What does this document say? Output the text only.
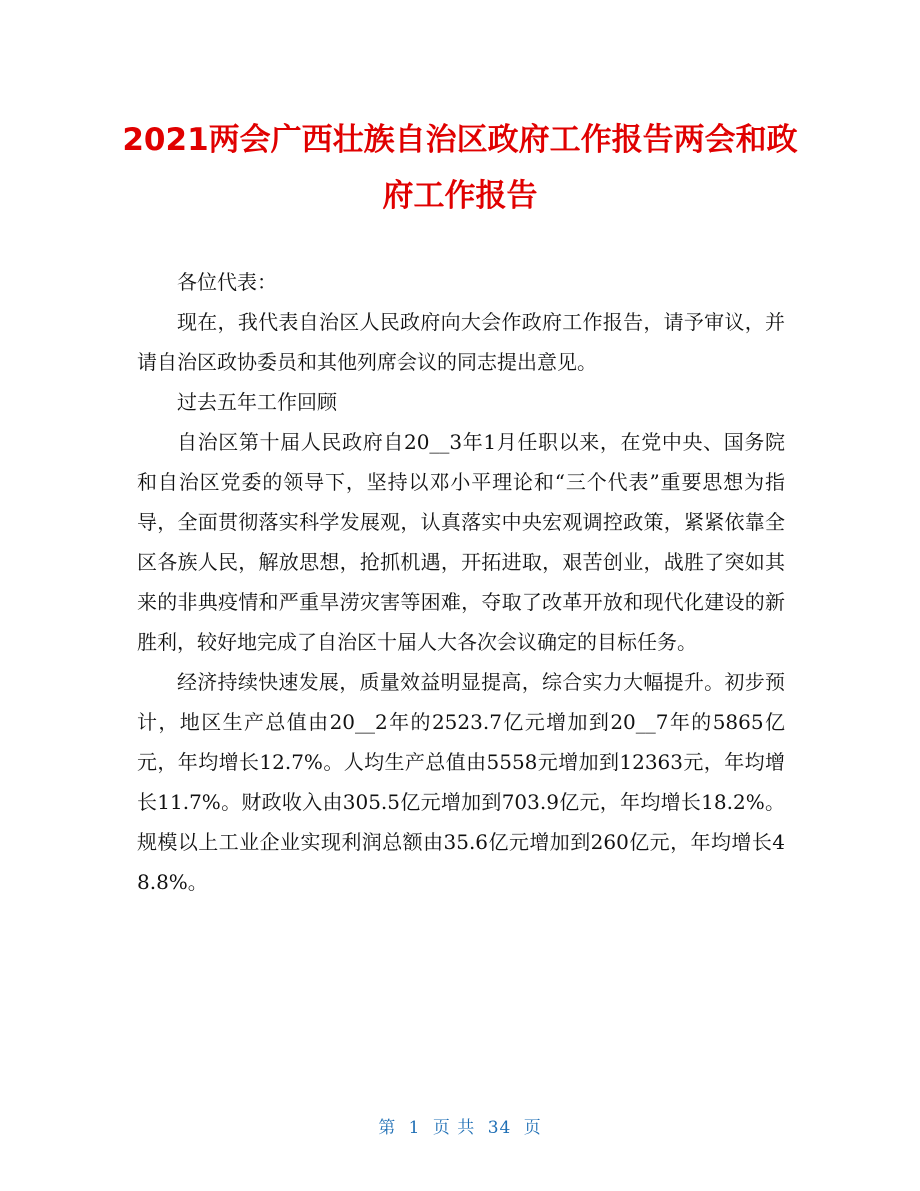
2021两会广西壮族自治区政府工作报告两会和政府工作报告

各位代表：

现在，我代表自治区人民政府向大会作政府工作报告，请予审议，并请自治区政协委员和其他列席会议的同志提出意见。

过去五年工作回顾

自治区第十届人民政府自20__3年1月任职以来，在党中央、国务院和自治区党委的领导下，坚持以邓小平理论和“三个代表”重要思想为指导，全面贯彻落实科学发展观，认真落实中央宏观调控政策，紧紧依靠全区各族人民，解放思想，抢抓机遇，开拓进取，艰苦创业，战胜了突如其来的非典疫情和严重旱涝灾害等困难，夺取了改革开放和现代化建设的新胜利，较好地完成了自治区十届人大各次会议确定的目标任务。

经济持续快速发展，质量效益明显提高，综合实力大幅提升。初步预计，地区生产总值由20__2年的2523.7亿元增加到20__7年的5865亿元，年均增长12.7%。人均生产总值由5558元增加到12363元，年均增长11.7%。财政收入由305.5亿元增加到703.9亿元，年均增长18.2%。规模以上工业企业实现利润总额由35.6亿元增加到260亿元，年均增长48.8%。

第 1 页 共 34 页
